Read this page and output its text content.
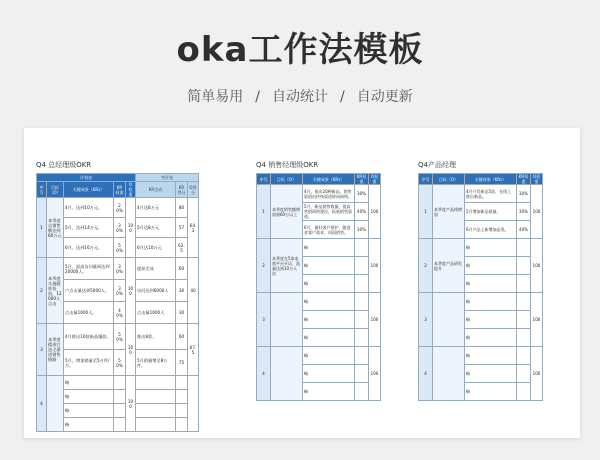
oka工作法模板
简单易用 / 自动统计 / 自动更新
Q4 总经理级OKR
计划表					考评表		
序号	目标（O）	关键成果（KRs）	KR权重	O权重	KR完成	KR得分	O得分
1	本季度总销售额达到60万元	4月，达到10万元。	20%	100	4月达8万元	80	64.3
		5月，达到14万元。	30%		5月达8万元	57	
		6月，达到16万元。	50%		6月达10万元	62.5	
2	本季度实施精准投放，12000人点击	5月，最高访问量网达到20000人。	30%	100	提前完成	60	40
		户点击量达到5000人。	30%		访问达到6000人	30	
		点击量1600人。	40%		点击量1600人	30	
3	本季度精准打造全渠道销售链路	4月推出10款新品爆款。	50%	100	推出8款。	60	67.5
		5月，增加销量至5万件/月。	50%		5月销量增至8万件。	75	
4		略		100			
		略					
		略					
		略					
Q4 销售经理级OKR
序号	目标（O）	关键成果（KRs）	KR权重	O权重
1	本季度销售额增加到60万以上	4月，推出20种新品，销售渠道由传统渠道转向网络。	30%	100
		5月，新品销售数量，提高营销网络建设，拓展销售渠道。	40%	
		6月，做好客户维护，跟进老客户需求，巩固销售。	30%	
2	本季度在5家电商平台开店，流量达到10万人次	略		100
		略		
		略		
3		略		100
		略		
		略		
4		略		100
		略		
		略		
Q4产品经理
序号	目标（O）	关键成果（KRs）	KR权重	O权重
1	本季度产品线增加	4月开发新品5款，在线上推出新品。	30%	100
		5月增加新品销量。	30%	
		6月产品上新增加品类。	40%	
2	本季度产品研发提升	略		100
		略		
		略		
3		略		100
		略		
		略		
4		略		100
		略		
		略		
